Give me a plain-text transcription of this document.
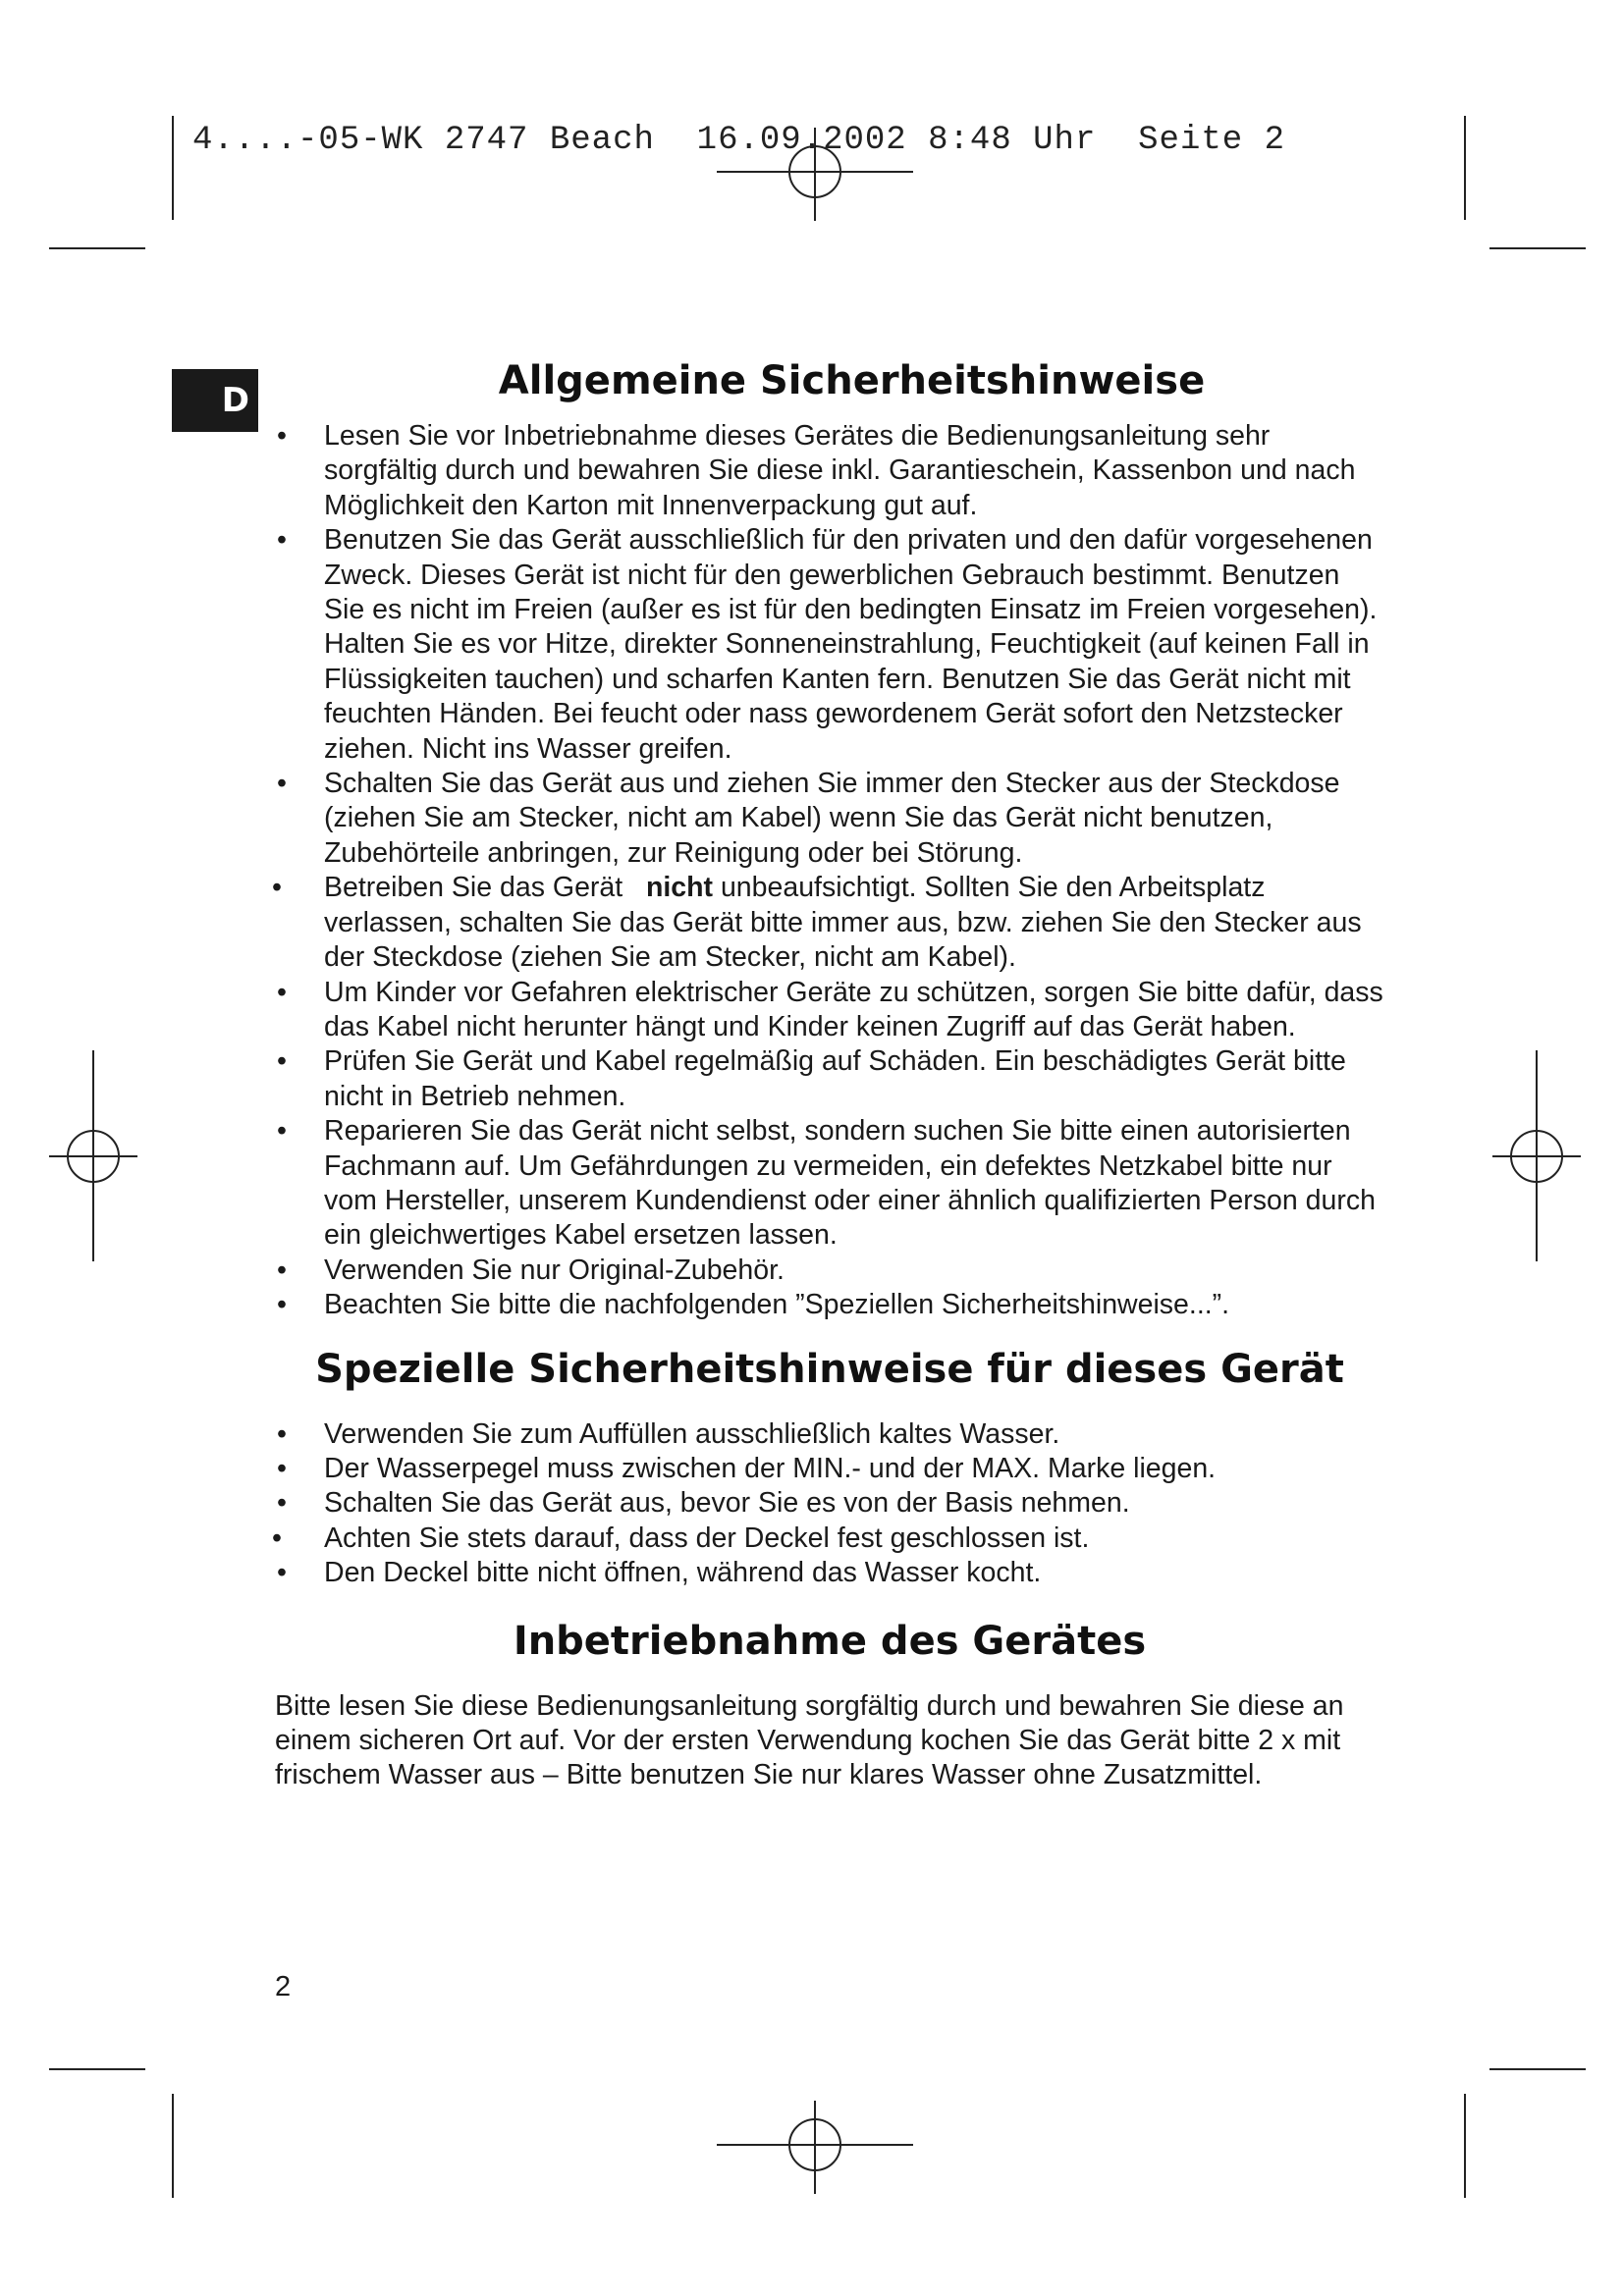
4....-05-WK 2747 Beach  16.09.2002 8:48 Uhr  Seite 2
D	Allgemeine Sicherheitshinweise
• Lesen Sie vor Inbetriebnahme dieses Gerätes die Bedienungsanleitung sehr sorgfältig durch und bewahren Sie diese inkl. Garantieschein, Kassenbon und nach Möglichkeit den Karton mit Innenverpackung gut auf.
• Benutzen Sie das Gerät ausschließlich für den privaten und den dafür vorgesehenen Zweck. Dieses Gerät ist nicht für den gewerblichen Gebrauch bestimmt. Benutzen Sie es nicht im Freien (außer es ist für den bedingten Einsatz im Freien vorgesehen). Halten Sie es vor Hitze, direkter Sonneneinstrahlung, Feuchtigkeit (auf keinen Fall in Flüssigkeiten tauchen) und scharfen Kanten fern. Benutzen Sie das Gerät nicht mit feuchten Händen. Bei feucht oder nass gewordenem Gerät sofort den Netzstecker ziehen. Nicht ins Wasser greifen.
• Schalten Sie das Gerät aus und ziehen Sie immer den Stecker aus der Steckdose (ziehen Sie am Stecker, nicht am Kabel) wenn Sie das Gerät nicht benutzen, Zubehörteile anbringen, zur Reinigung oder bei Störung.
• Betreiben Sie das Gerät nicht unbeaufsichtigt. Sollten Sie den Arbeitsplatz verlassen, schalten Sie das Gerät bitte immer aus, bzw. ziehen Sie den Stecker aus der Steckdose (ziehen Sie am Stecker, nicht am Kabel).
• Um Kinder vor Gefahren elektrischer Geräte zu schützen, sorgen Sie bitte dafür, dass das Kabel nicht herunter hängt und Kinder keinen Zugriff auf das Gerät haben.
• Prüfen Sie Gerät und Kabel regelmäßig auf Schäden. Ein beschädigtes Gerät bitte nicht in Betrieb nehmen.
• Reparieren Sie das Gerät nicht selbst, sondern suchen Sie bitte einen autorisierten Fachmann auf. Um Gefährdungen zu vermeiden, ein defektes Netzkabel bitte nur vom Hersteller, unserem Kundendienst oder einer ähnlich qualifizierten Person durch ein gleichwertiges Kabel ersetzen lassen.
• Verwenden Sie nur Original-Zubehör.
• Beachten Sie bitte die nachfolgenden ”Speziellen Sicherheitshinweise...”.
Spezielle Sicherheitshinweise für dieses Gerät
• Verwenden Sie zum Auffüllen ausschließlich kaltes Wasser.
• Der Wasserpegel muss zwischen der MIN.- und der MAX. Marke liegen.
• Schalten Sie das Gerät aus, bevor Sie es von der Basis nehmen.
• Achten Sie stets darauf, dass der Deckel fest geschlossen ist.
• Den Deckel bitte nicht öffnen, während das Wasser kocht.
Inbetriebnahme des Gerätes

Bitte lesen Sie diese Bedienungsanleitung sorgfältig durch und bewahren Sie diese an einem sicheren Ort auf. Vor der ersten Verwendung kochen Sie das Gerät bitte 2 x mit frischem Wasser aus – Bitte benutzen Sie nur klares Wasser ohne Zusatzmittel.

2
